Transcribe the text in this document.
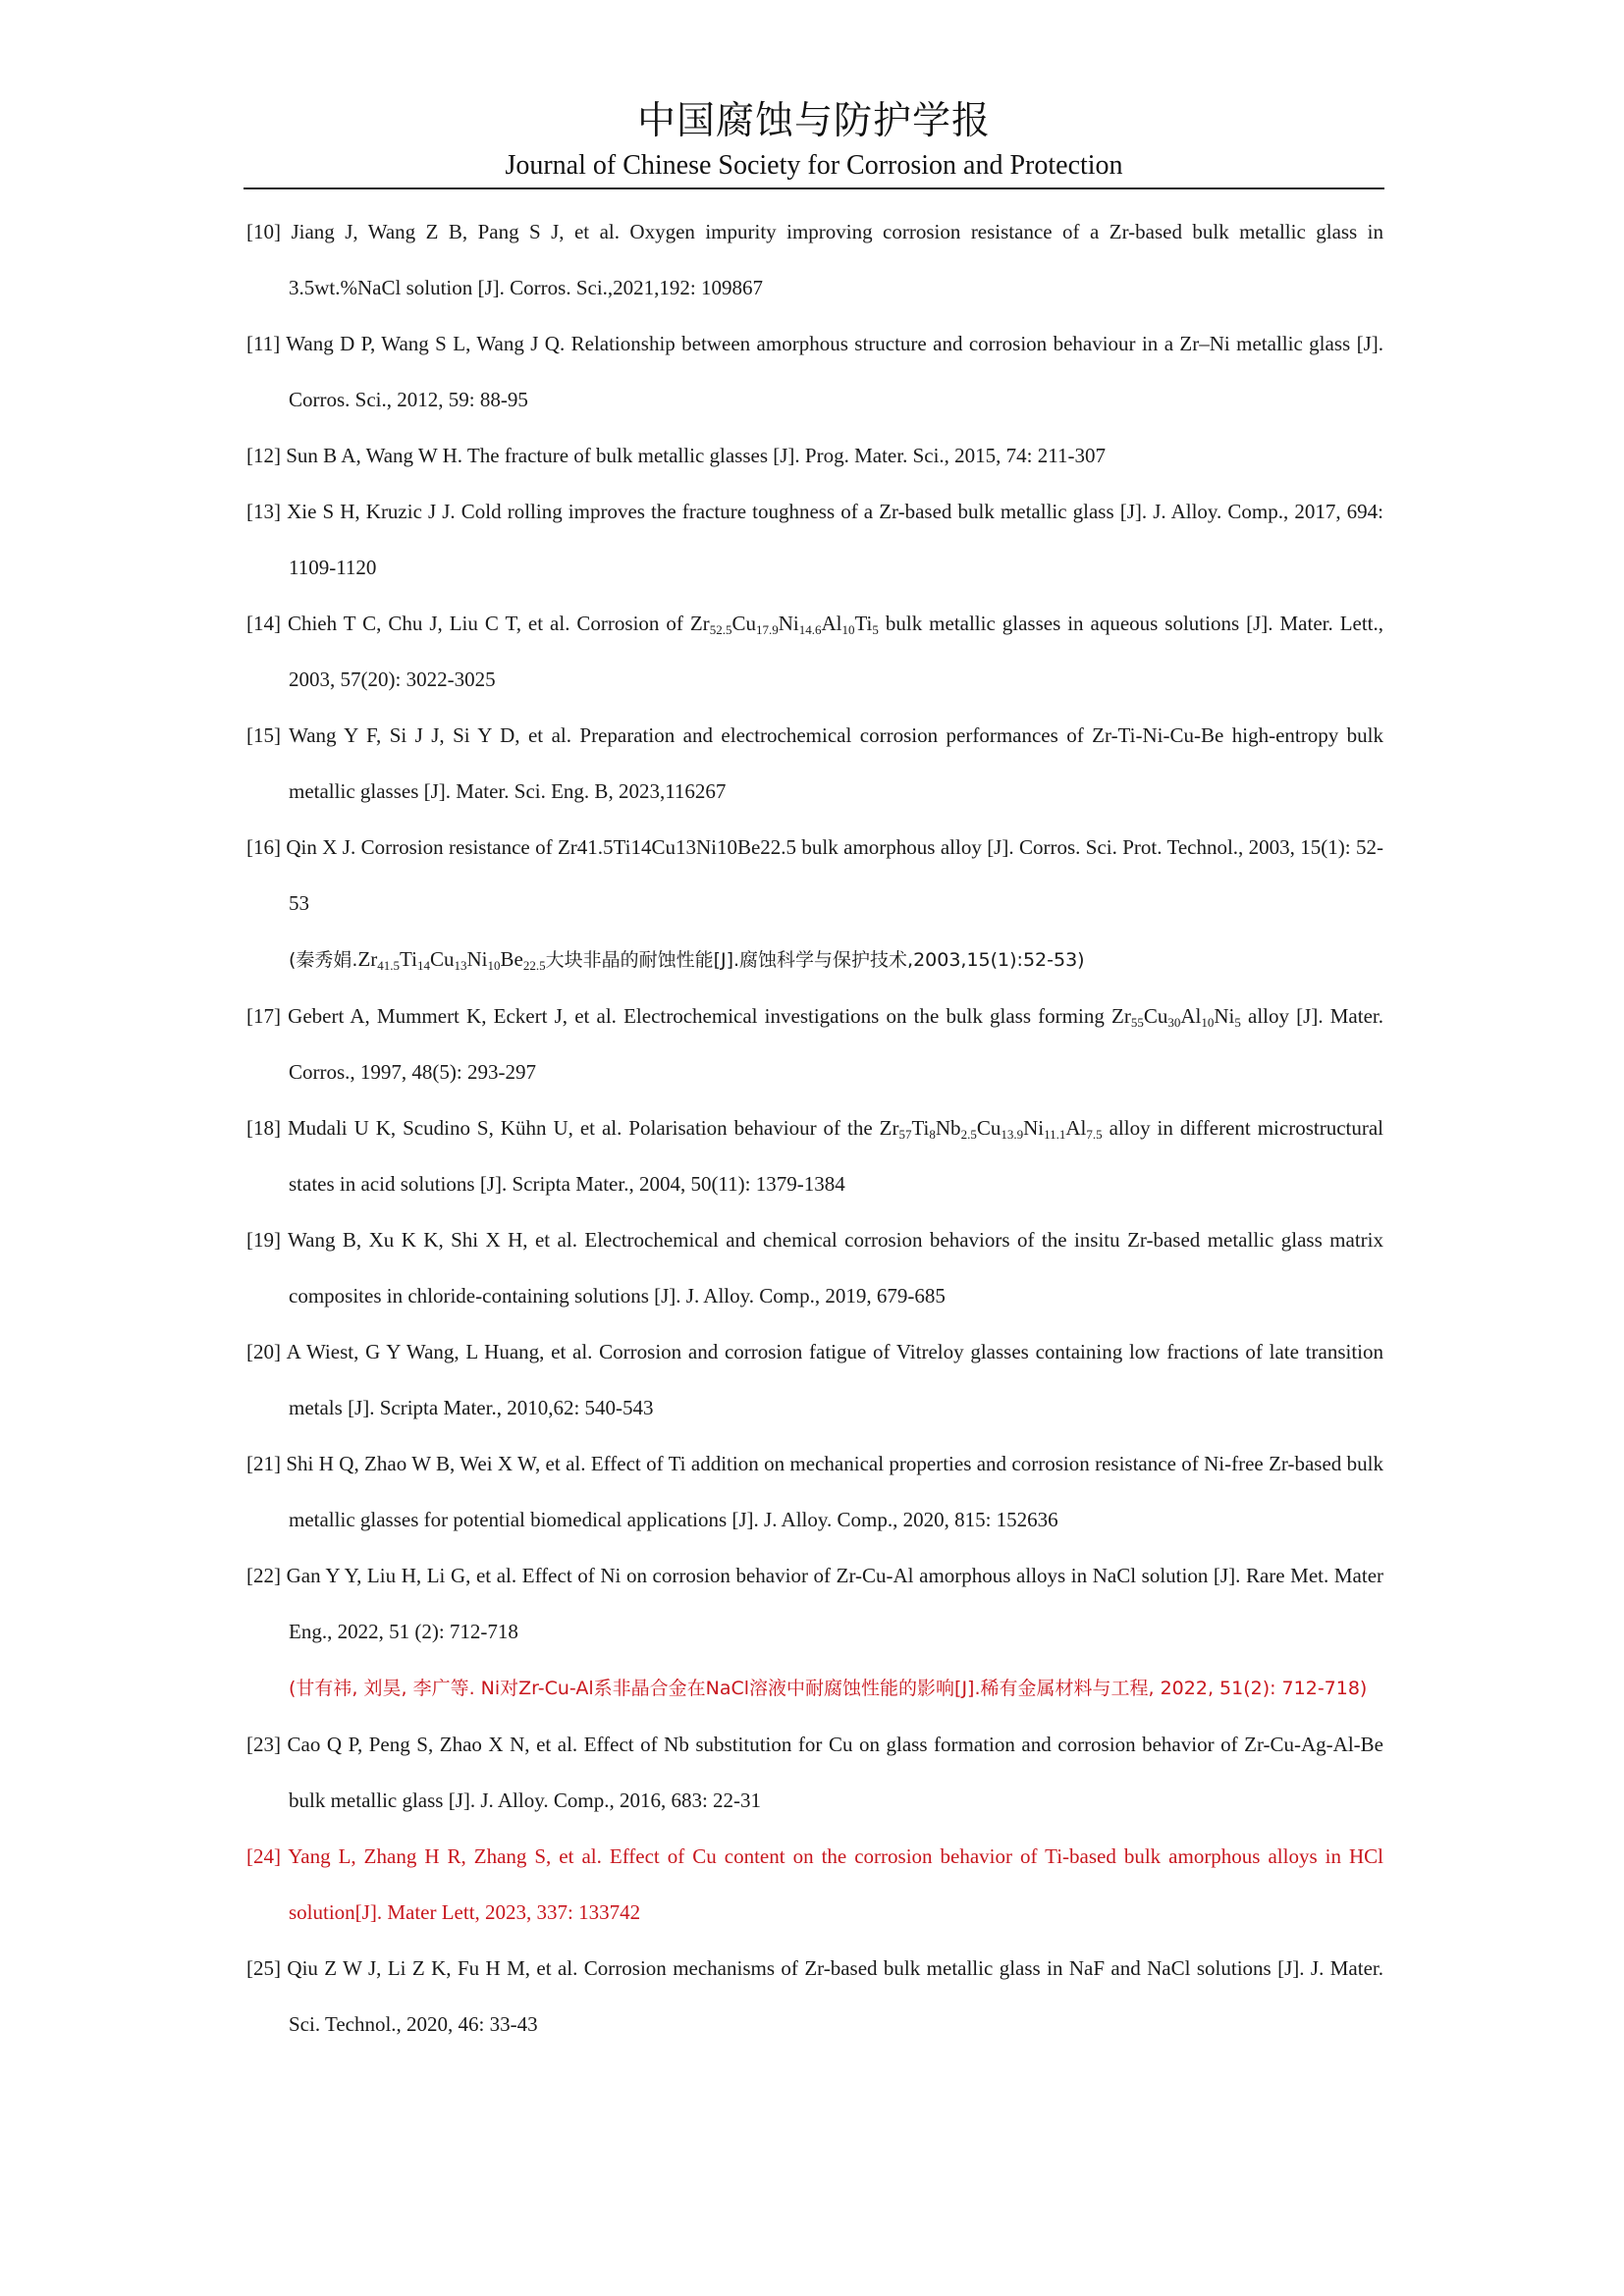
中国腐蚀与防护学报

Journal of Chinese Society for Corrosion and Protection

[10] Jiang J, Wang Z B, Pang S J, et al. Oxygen impurity improving corrosion resistance of a Zr-based bulk metallic glass in 3.5wt.%NaCl solution [J]. Corros. Sci.,2021,192: 109867
[11] Wang D P, Wang S L, Wang J Q. Relationship between amorphous structure and corrosion behaviour in a Zr–Ni metallic glass [J]. Corros. Sci., 2012, 59: 88-95
[12] Sun B A, Wang W H. The fracture of bulk metallic glasses [J]. Prog. Mater. Sci., 2015, 74: 211-307
[13] Xie S H, Kruzic J J. Cold rolling improves the fracture toughness of a Zr-based bulk metallic glass [J]. J. Alloy. Comp., 2017, 694: 1109-1120
[14] Chieh T C, Chu J, Liu C T, et al. Corrosion of $Zr_{52.5}Cu_{17.9}Ni_{14.6}Al_{10}Ti_5$ bulk metallic glasses in aqueous solutions [J]. Mater. Lett., 2003, 57(20): 3022-3025
[15] Wang Y F, Si J J, Si Y D, et al. Preparation and electrochemical corrosion performances of Zr-Ti-Ni-Cu-Be high-entropy bulk metallic glasses [J]. Mater. Sci. Eng. B, 2023,116267
[16] Qin X J. Corrosion resistance of Zr41.5Ti14Cu13Ni10Be22.5 bulk amorphous alloy [J]. Corros. Sci. Prot. Technol., 2003, 15(1): 52-53
(秦秀娟$.Zr_{41.5}Ti_{14}Cu_{13}Ni_{10}Be_{22.5}$大块非晶的耐蚀性能[J].腐蚀科学与保护技术,2003,15(1):52-53)
[17] Gebert A, Mummert K, Eckert J, et al. Electrochemical investigations on the bulk glass forming $Zr_{55}Cu_{30}Al_{10}Ni_5$ alloy [J]. Mater. Corros., 1997, 48(5): 293-297
[18] Mudali U K, Scudino S, Kühn U, et al. Polarisation behaviour of the $Zr_{57}Ti_8Nb_{2.5}Cu_{13.9}Ni_{11.1}Al_{7.5}$ alloy in different microstructural states in acid solutions [J]. Scripta Mater., 2004, 50(11): 1379-1384
[19] Wang B, Xu K K, Shi X H, et al. Electrochemical and chemical corrosion behaviors of the insitu Zr-based metallic glass matrix composites in chloride-containing solutions [J]. J. Alloy. Comp., 2019, 679-685
[20] A Wiest, G Y Wang, L Huang, et al. Corrosion and corrosion fatigue of Vitreloy glasses containing low fractions of late transition metals [J]. Scripta Mater., 2010,62: 540-543
[21] Shi H Q, Zhao W B, Wei X W, et al. Effect of Ti addition on mechanical properties and corrosion resistance of Ni-free Zr-based bulk metallic glasses for potential biomedical applications [J]. J. Alloy. Comp., 2020, 815: 152636
[22] Gan Y Y, Liu H, Li G, et al. Effect of Ni on corrosion behavior of Zr-Cu-Al amorphous alloys in NaCl solution [J]. Rare Met. Mater Eng., 2022, 51 (2): 712-718
(甘有祎, 刘昊, 李广等. Ni对Zr-Cu-Al系非晶合金在NaCl溶液中耐腐蚀性能的影响[J].稀有金属材料与工程, 2022, 51(2): 712-718)
[23] Cao Q P, Peng S, Zhao X N, et al. Effect of Nb substitution for Cu on glass formation and corrosion behavior of Zr-Cu-Ag-Al-Be bulk metallic glass [J]. J. Alloy. Comp., 2016, 683: 22-31
[24] Yang L, Zhang H R, Zhang S, et al. Effect of Cu content on the corrosion behavior of Ti-based bulk amorphous alloys in HCl solution[J]. Mater Lett, 2023, 337: 133742
[25] Qiu Z W J, Li Z K, Fu H M, et al. Corrosion mechanisms of Zr-based bulk metallic glass in NaF and NaCl solutions [J]. J. Mater. Sci. Technol., 2020, 46: 33-43
